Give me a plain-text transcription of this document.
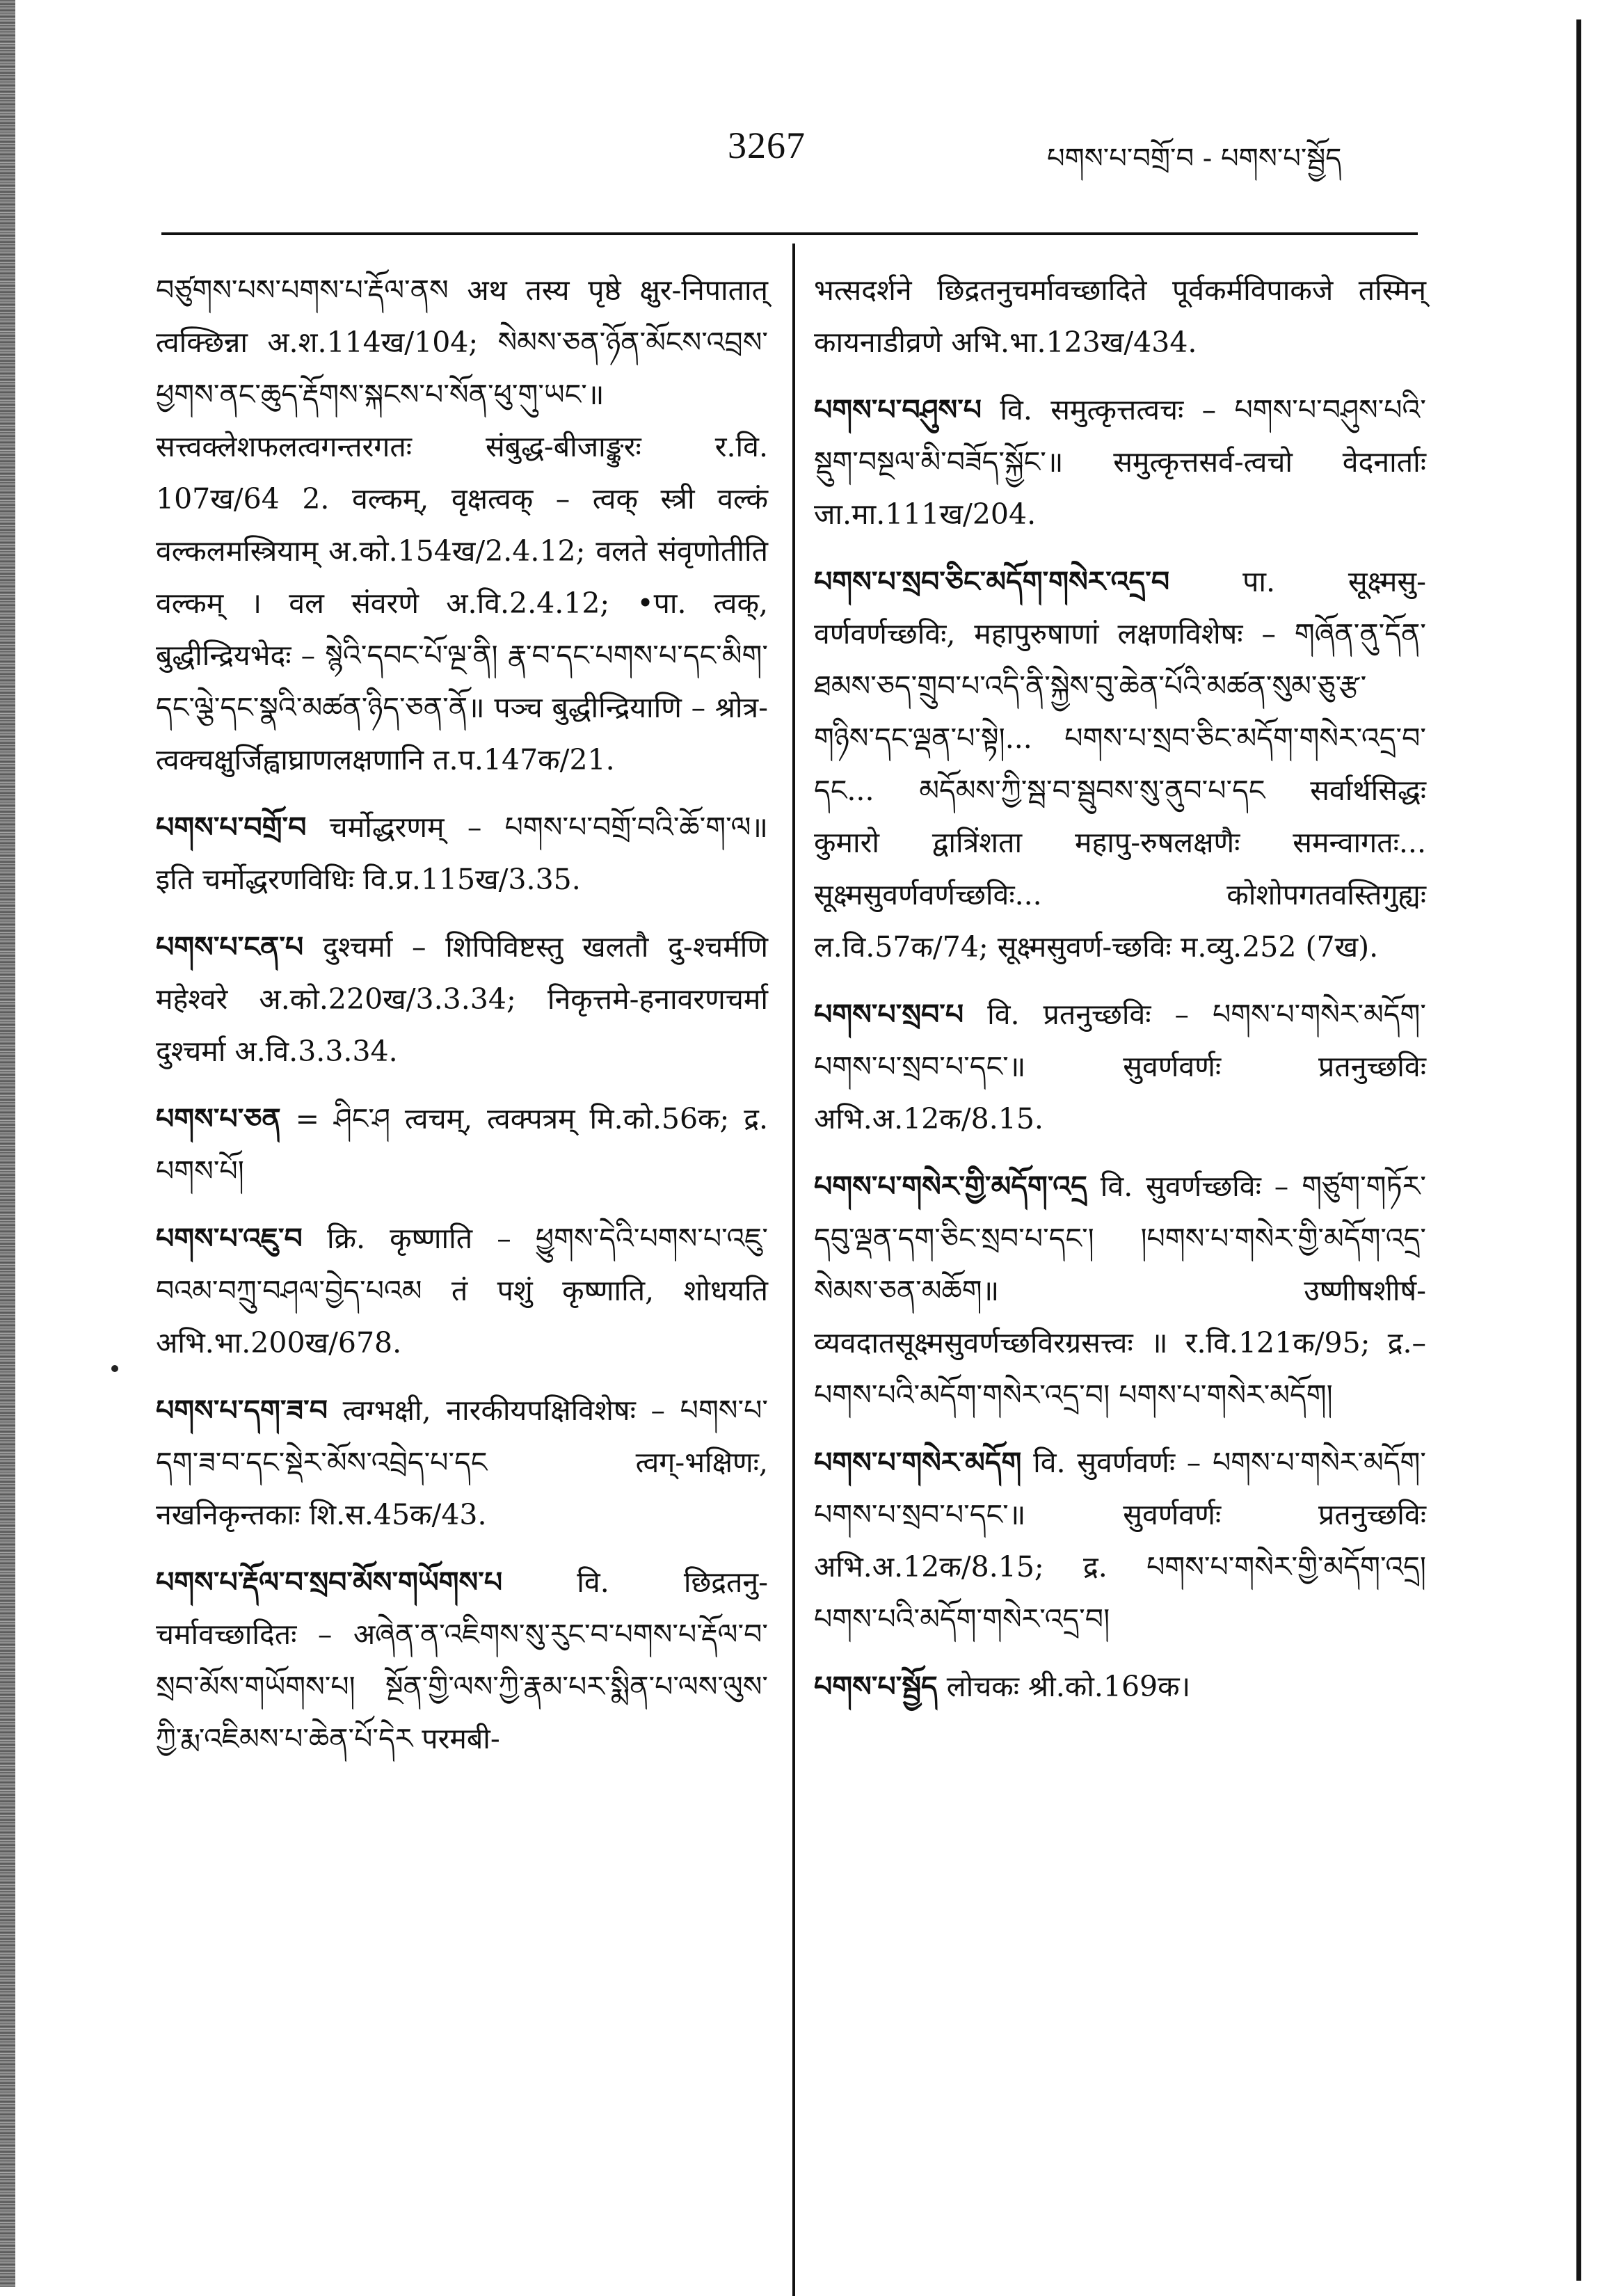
3267	པགས་པ་བགྲོ་བ - པགས་པ་སྦྱོད

བཙུགས་པས་པགས་པ་རྡོལ་ནས अथ तस्य पृष्ठे क्षुर-निपातात् त्वक्छिन्ना अ.श.114ख/104; སེམས་ཅན་ཉོན་མོངས་འབྲས་ཕྱགས་ནང་ཆུད་རྡོགས་སྐངས་པ་སོན་ཕུ་གུ་ཡང་॥ सत्त्वक्लेशफलत्वगन्तरगतः संबुद्ध-बीजाङ्कुरः र.वि. 107ख/64 2. वल्कम्, वृक्षत्वक् – त्वक् स्त्री वल्कं वल्कलमस्त्रियाम् अ.को.154ख/2.4.12; वलते संवृणोतीति वल्कम् । वल संवरणे अ.वि.2.4.12; •पा. त्वक्, बुद्धीन्द्रियभेदः – སྙེའི་དབང་པོ་ལྔ་ནི། རྣ་བ་དང་པགས་པ་དང་མིག་དང་ལྕེ་དང་སྣའི་མཚན་ཉིད་ཅན་ནོ॥ पञ्च बुद्धीन्द्रियाणि – श्रोत्र-त्वक्चक्षुर्जिह्वाघ्राणलक्षणानि त.प.147क/21.

པགས་པ་བགྲོ་བ चर्मोद्धरणम् – པགས་པ་བགྲོ་བའི་ཆོ་ག་ལ॥ इति चर्मोद्धरणविधिः वि.प्र.115ख/3.35.

པགས་པ་ངན་པ दुश्चर्मा – शिपिविष्टस्तु खलतौ दु-श्चर्मणि महेश्वरे अ.को.220ख/3.3.34; निकृत्तमे-हनावरणचर्मा दुश्चर्मा अ.वि.3.3.34.

པགས་པ་ཅན = ཤིང་ཤ त्वचम्, त्वक्पत्रम् मि.को.56क; द्र. པགས་པོ།

པགས་པ་འཇུ་བ क्रि. कृष्णाति – ཕྱུགས་དེའི་པགས་པ་འཇུ་བའམ་བཀྲུ་བཤལ་བྱེད་པའམ तं पशुं कृष्णाति, शोधयति अभि.भा.200ख/678.

པགས་པ་དག་ཟ་བ त्वग्भक्षी, नारकीयपक्षिविशेषः – པགས་པ་དག་ཟ་བ་དང་སྡེར་མོས་འབྲེད་པ་དང त्वग्-भक्षिणः, नखनिकृन्तकाः शि.स.45क/43.

པགས་པ་རྡོལ་བ་སྲབ་མོས་གཡོགས་པ	वि. छिद्रतनु-चर्मावच्छादितः – अཞེན་ན་འཇིགས་སུ་རུང་བ་པགས་པ་རྡོལ་བ་སྲབ་མོས་གཡོགས་པ། སྔོན་གྱི་ལས་ཀྱི་རྣམ་པར་སྨིན་པ་ལས་ལུས་ཀྱི་རྨ་འཇིམས་པ་ཆེན་པོ་དེར परमबी-

भत्सदर्शने छिद्रतनुचर्मावच्छादिते पूर्वकर्मविपाकजे तस्मिन् कायनाडीव्रणे अभि.भा.123ख/434.

པགས་པ་བཤུས་པ वि. समुत्कृत्तत्वचः – པགས་པ་བཤུས་པའི་སྡུག་བསྔལ་མི་བཟོད་སྐྱོང་॥ समुत्कृत्तसर्व-त्वचो वेदनार्ताः जा.मा.111ख/204.

པགས་པ་སྲབ་ཅིང་མདོག་གསེར་འདྲ་བ	पा. सूक्ष्मसु-वर्णवर्णच्छविः, महापुरुषाणां लक्षणविशेषः – གཞོན་ནུ་དོན་ཐམས་ཅད་གྲུབ་པ་འདི་ནི་སྐྱེས་བུ་ཆེན་པོའི་མཚན་སུམ་ཅུ་རྩ་གཉིས་དང་ལྡན་པ་སྟེ།... པགས་པ་སྲབ་ཅིང་མདོག་གསེར་འདྲ་བ་དང... མདོམས་ཀྱི་སྦ་བ་སྦུབས་སུ་ནུབ་པ་དང सर्वार्थसिद्धः कुमारो द्वात्रिंशता महापु-रुषलक्षणैः समन्वागतः... सूक्ष्मसुवर्णवर्णच्छविः... कोशोपगतवस्तिगुह्यः ल.वि.57क/74; सूक्ष्मसुवर्ण-च्छविः म.व्यु.252 (7ख).

པགས་པ་སྲབ་པ वि. प्रतनुच्छविः – པགས་པ་གསེར་མདོག་པགས་པ་སྲབ་པ་དང་॥ सुवर्णवर्णः प्रतनुच्छविः अभि.अ.12क/8.15.

པགས་པ་གསེར་གྱི་མདོག་འདྲ वि. सुवर्णच्छविः – གཙུག་གཏོར་དབུ་ལྡན་དག་ཅིང་སྲབ་པ་དང་། །པགས་པ་གསེར་གྱི་མདོག་འདྲ་སེམས་ཅན་མཆོག॥ उष्णीषशीर्ष-व्यवदातसूक्ष्मसुवर्णच्छविरग्रसत्त्वः ॥ र.वि.121क/95; द्र.– པགས་པའི་མདོག་གསེར་འདྲ་བ། པགས་པ་གསེར་མདོག།

པགས་པ་གསེར་མདོག वि. सुवर्णवर्णः – པགས་པ་གསེར་མདོག་པགས་པ་སྲབ་པ་དང་॥ सुवर्णवर्णः प्रतनुच्छविः अभि.अ.12क/8.15; द्र. པགས་པ་གསེར་གྱི་མདོག་འདྲ། པགས་པའི་མདོག་གསེར་འདྲ་བ།

པགས་པ་སྦྱོད लोचकः श्री.को.169क।
